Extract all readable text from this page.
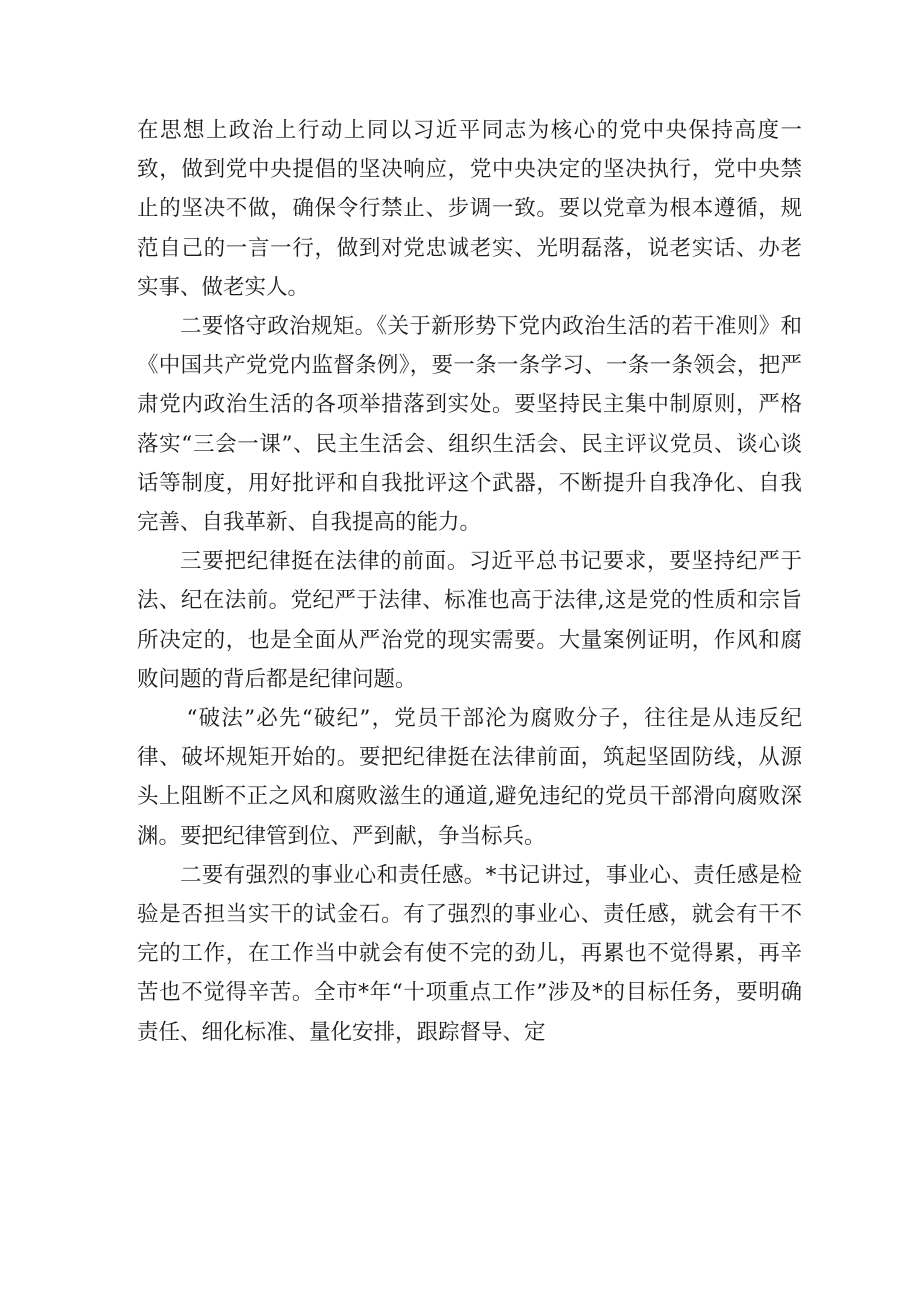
在思想上政治上行动上同以习近平同志为核心的党中央保持高度一致，做到党中央提倡的坚决响应，党中央决定的坚决执行，党中央禁止的坚决不做，确保令行禁止、步调一致。要以党章为根本遵循，规范自己的一言一行，做到对党忠诚老实、光明磊落，说老实话、办老实事、做老实人。

二要恪守政治规矩。《关于新形势下党内政治生活的若干准则》和《中国共产党党内监督条例》，要一条一条学习、一条一条领会，把严肃党内政治生活的各项举措落到实处。要坚持民主集中制原则，严格落实“三会一课”、民主生活会、组织生活会、民主评议党员、谈心谈话等制度，用好批评和自我批评这个武器，不断提升自我净化、自我完善、自我革新、自我提高的能力。

三要把纪律挺在法律的前面。习近平总书记要求，要坚持纪严于法、纪在法前。党纪严于法律、标准也高于法律,这是党的性质和宗旨所决定的，也是全面从严治党的现实需要。大量案例证明，作风和腐败问题的背后都是纪律问题。

“破法”必先“破纪”，党员干部沦为腐败分子，往往是从违反纪律、破坏规矩开始的。要把纪律挺在法律前面，筑起坚固防线，从源头上阻断不正之风和腐败滋生的通道,避免违纪的党员干部滑向腐败深渊。要把纪律管到位、严到献，争当标兵。

二要有强烈的事业心和责任感。*书记讲过，事业心、责任感是检验是否担当实干的试金石。有了强烈的事业心、责任感，就会有干不完的工作，在工作当中就会有使不完的劲儿，再累也不觉得累，再辛苦也不觉得辛苦。全市*年“十项重点工作”涉及*的目标任务，要明确责任、细化标准、量化安排，跟踪督导、定
